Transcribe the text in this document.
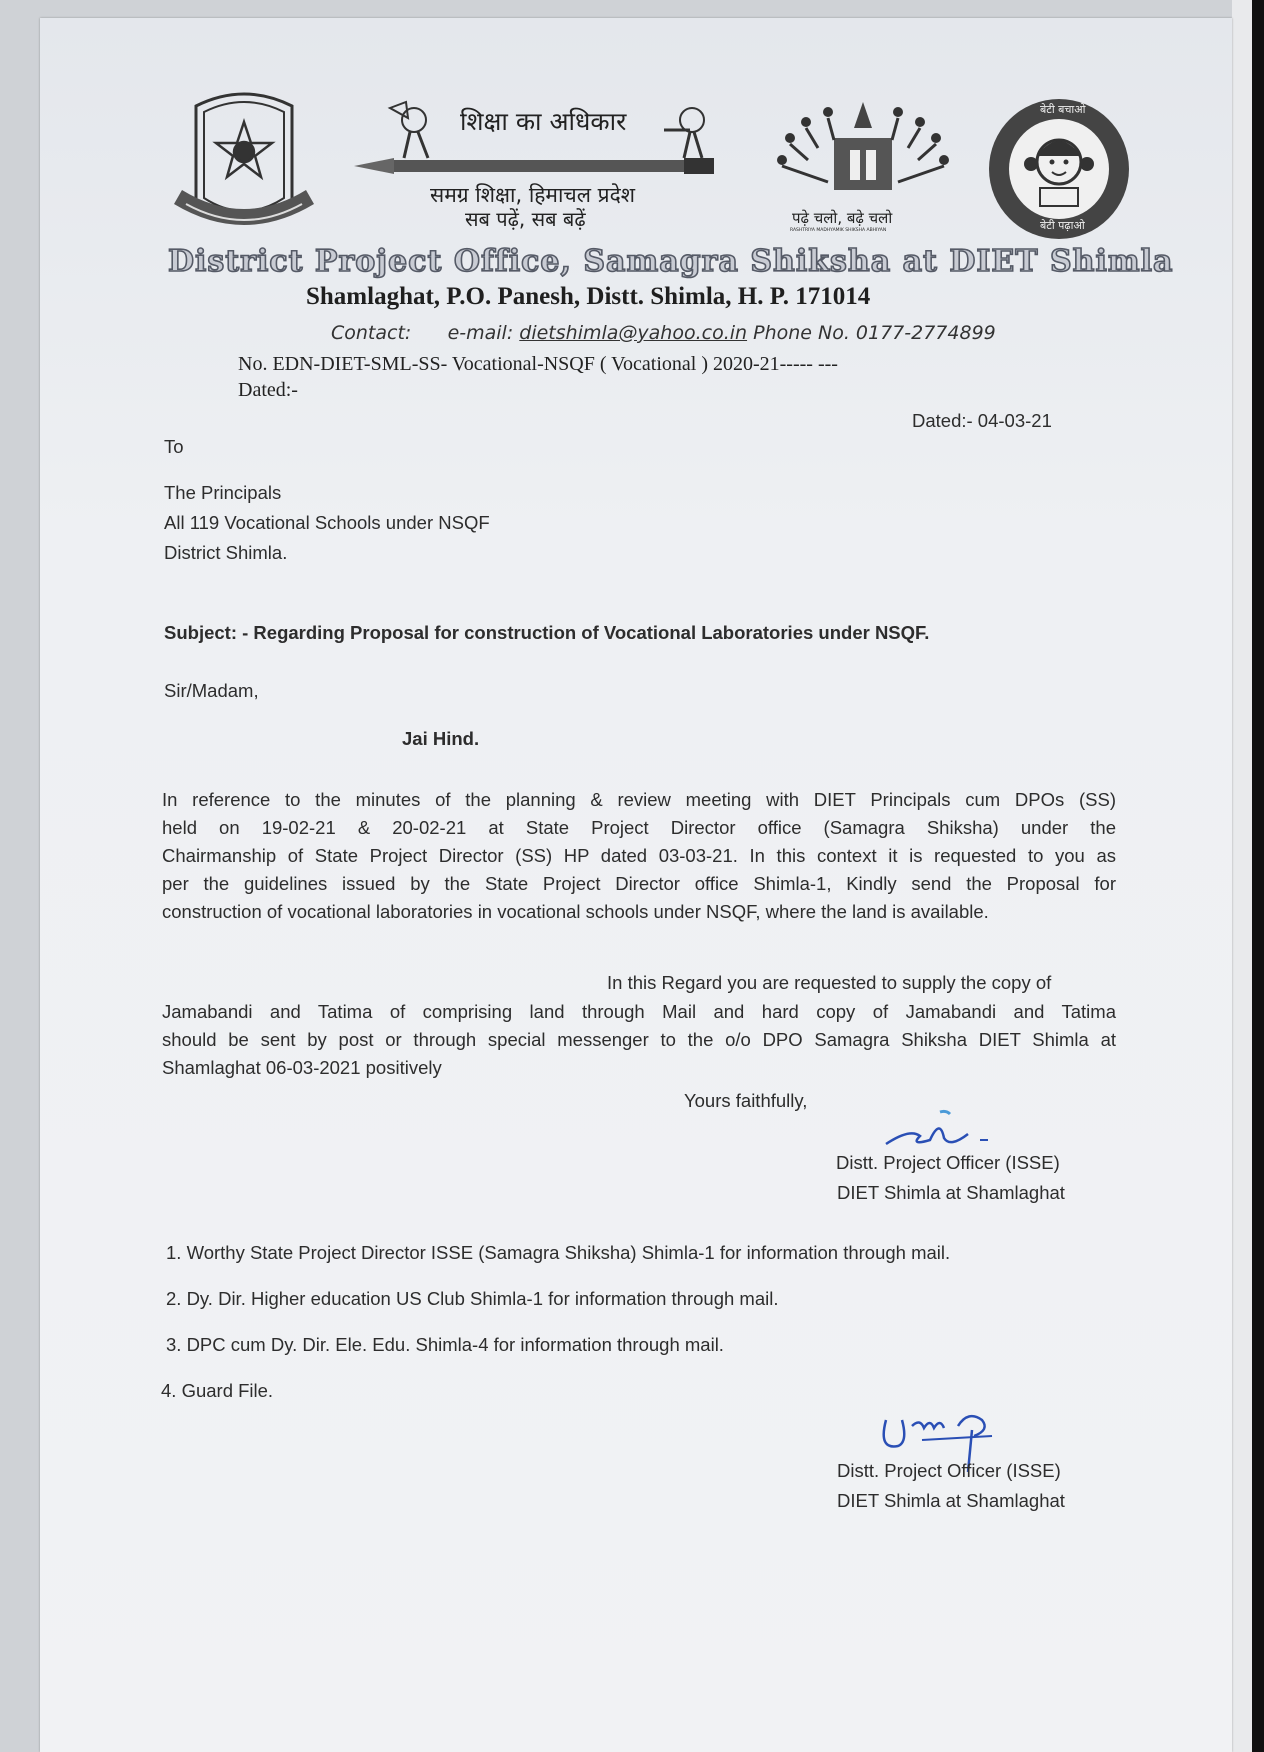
शिक्षा का अधिकार
समग्र शिक्षा, हिमाचल प्रदेश
सब पढ़ें, सब बढ़ें	पढ़े चलो, बढ़े चलो
RASHTRIYA MADHYAMIK SHIKSHA ABHIYAN
बेटी बचाओ
बेटी पढ़ाओ
District Project Office, Samagra Shiksha at DIET Shimla
Shamlaghat, P.O. Panesh, Distt. Shimla, H. P. 171014
Contact: e-mail: dietshimla@yahoo.co.in Phone No. 0177-2774899
No. EDN-DIET-SML-SS- Vocational-NSQF ( Vocational ) 2020-21----- ---
Dated:-
Dated:- 04-03-21
To
The Principals
All 119 Vocational Schools under NSQF
District Shimla.
Subject: - Regarding Proposal for construction of Vocational Laboratories under NSQF.
Sir/Madam,
Jai Hind.
In reference to the minutes of the planning & review meeting with DIET Principals cum DPOs (SS)
held on 19-02-21 & 20-02-21 at State Project Director office (Samagra Shiksha) under the
Chairmanship of State Project Director (SS) HP dated 03-03-21. In this context it is requested to you as
per the guidelines issued by the State Project Director office Shimla-1, Kindly send the Proposal for
construction of vocational laboratories in vocational schools under NSQF, where the land is available.
In this Regard you are requested to supply the copy of
Jamabandi and Tatima of comprising land through Mail and hard copy of Jamabandi and Tatima
should be sent by post or through special messenger to the o/o DPO Samagra Shiksha DIET Shimla at
Shamlaghat 06-03-2021 positively
Yours faithfully,
Distt. Project Officer (ISSE)
DIET Shimla at Shamlaghat
1. Worthy State Project Director ISSE (Samagra Shiksha) Shimla-1 for information through mail.
2. Dy. Dir. Higher education US Club Shimla-1 for information through mail.
3. DPC cum Dy. Dir. Ele. Edu. Shimla-4 for information through mail.
4. Guard File.
Distt. Project Officer (ISSE)
DIET Shimla at Shamlaghat
